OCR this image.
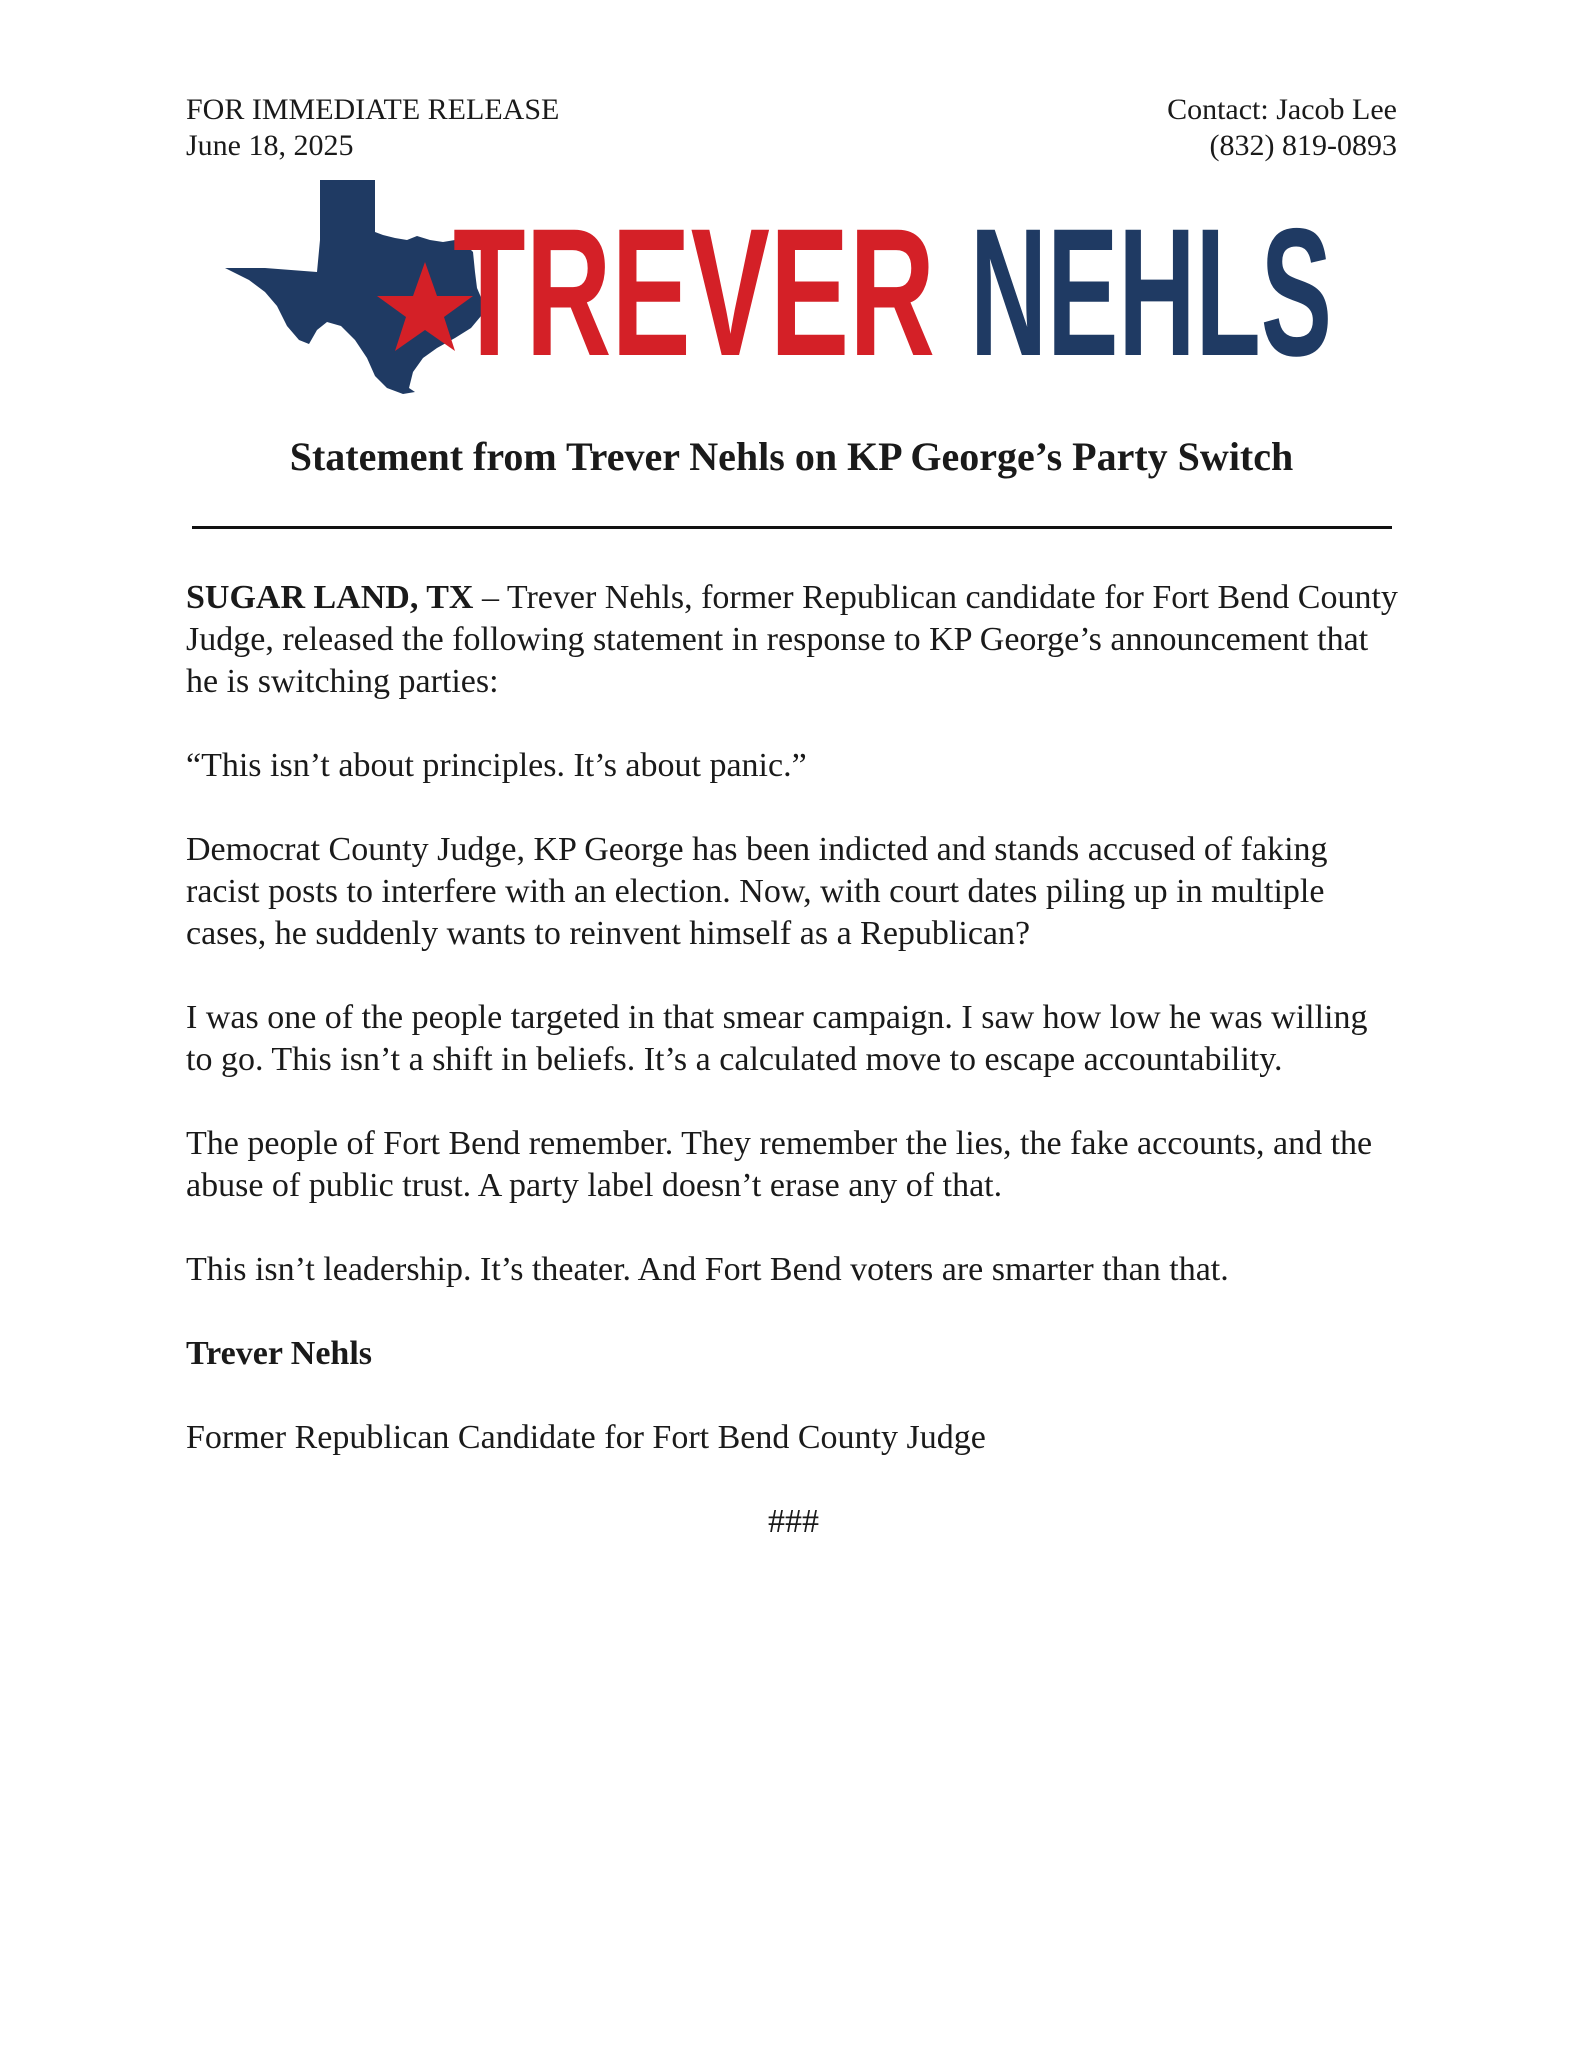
FOR IMMEDIATE RELEASE
June 18, 2025
Contact: Jacob Lee
(832) 819-0893
TREVER NEHLS
Statement from Trever Nehls on KP George’s Party Switch

SUGAR LAND, TX – Trever Nehls, former Republican candidate for Fort Bend County Judge, released the following statement in response to KP George’s announcement that he is switching parties:

“This isn’t about principles. It’s about panic.”

Democrat County Judge, KP George has been indicted and stands accused of faking racist posts to interfere with an election. Now, with court dates piling up in multiple cases, he suddenly wants to reinvent himself as a Republican?

I was one of the people targeted in that smear campaign. I saw how low he was willing to go. This isn’t a shift in beliefs. It’s a calculated move to escape accountability.

The people of Fort Bend remember. They remember the lies, the fake accounts, and the abuse of public trust. A party label doesn’t erase any of that.

This isn’t leadership. It’s theater. And Fort Bend voters are smarter than that.

Trever Nehls

Former Republican Candidate for Fort Bend County Judge

###
